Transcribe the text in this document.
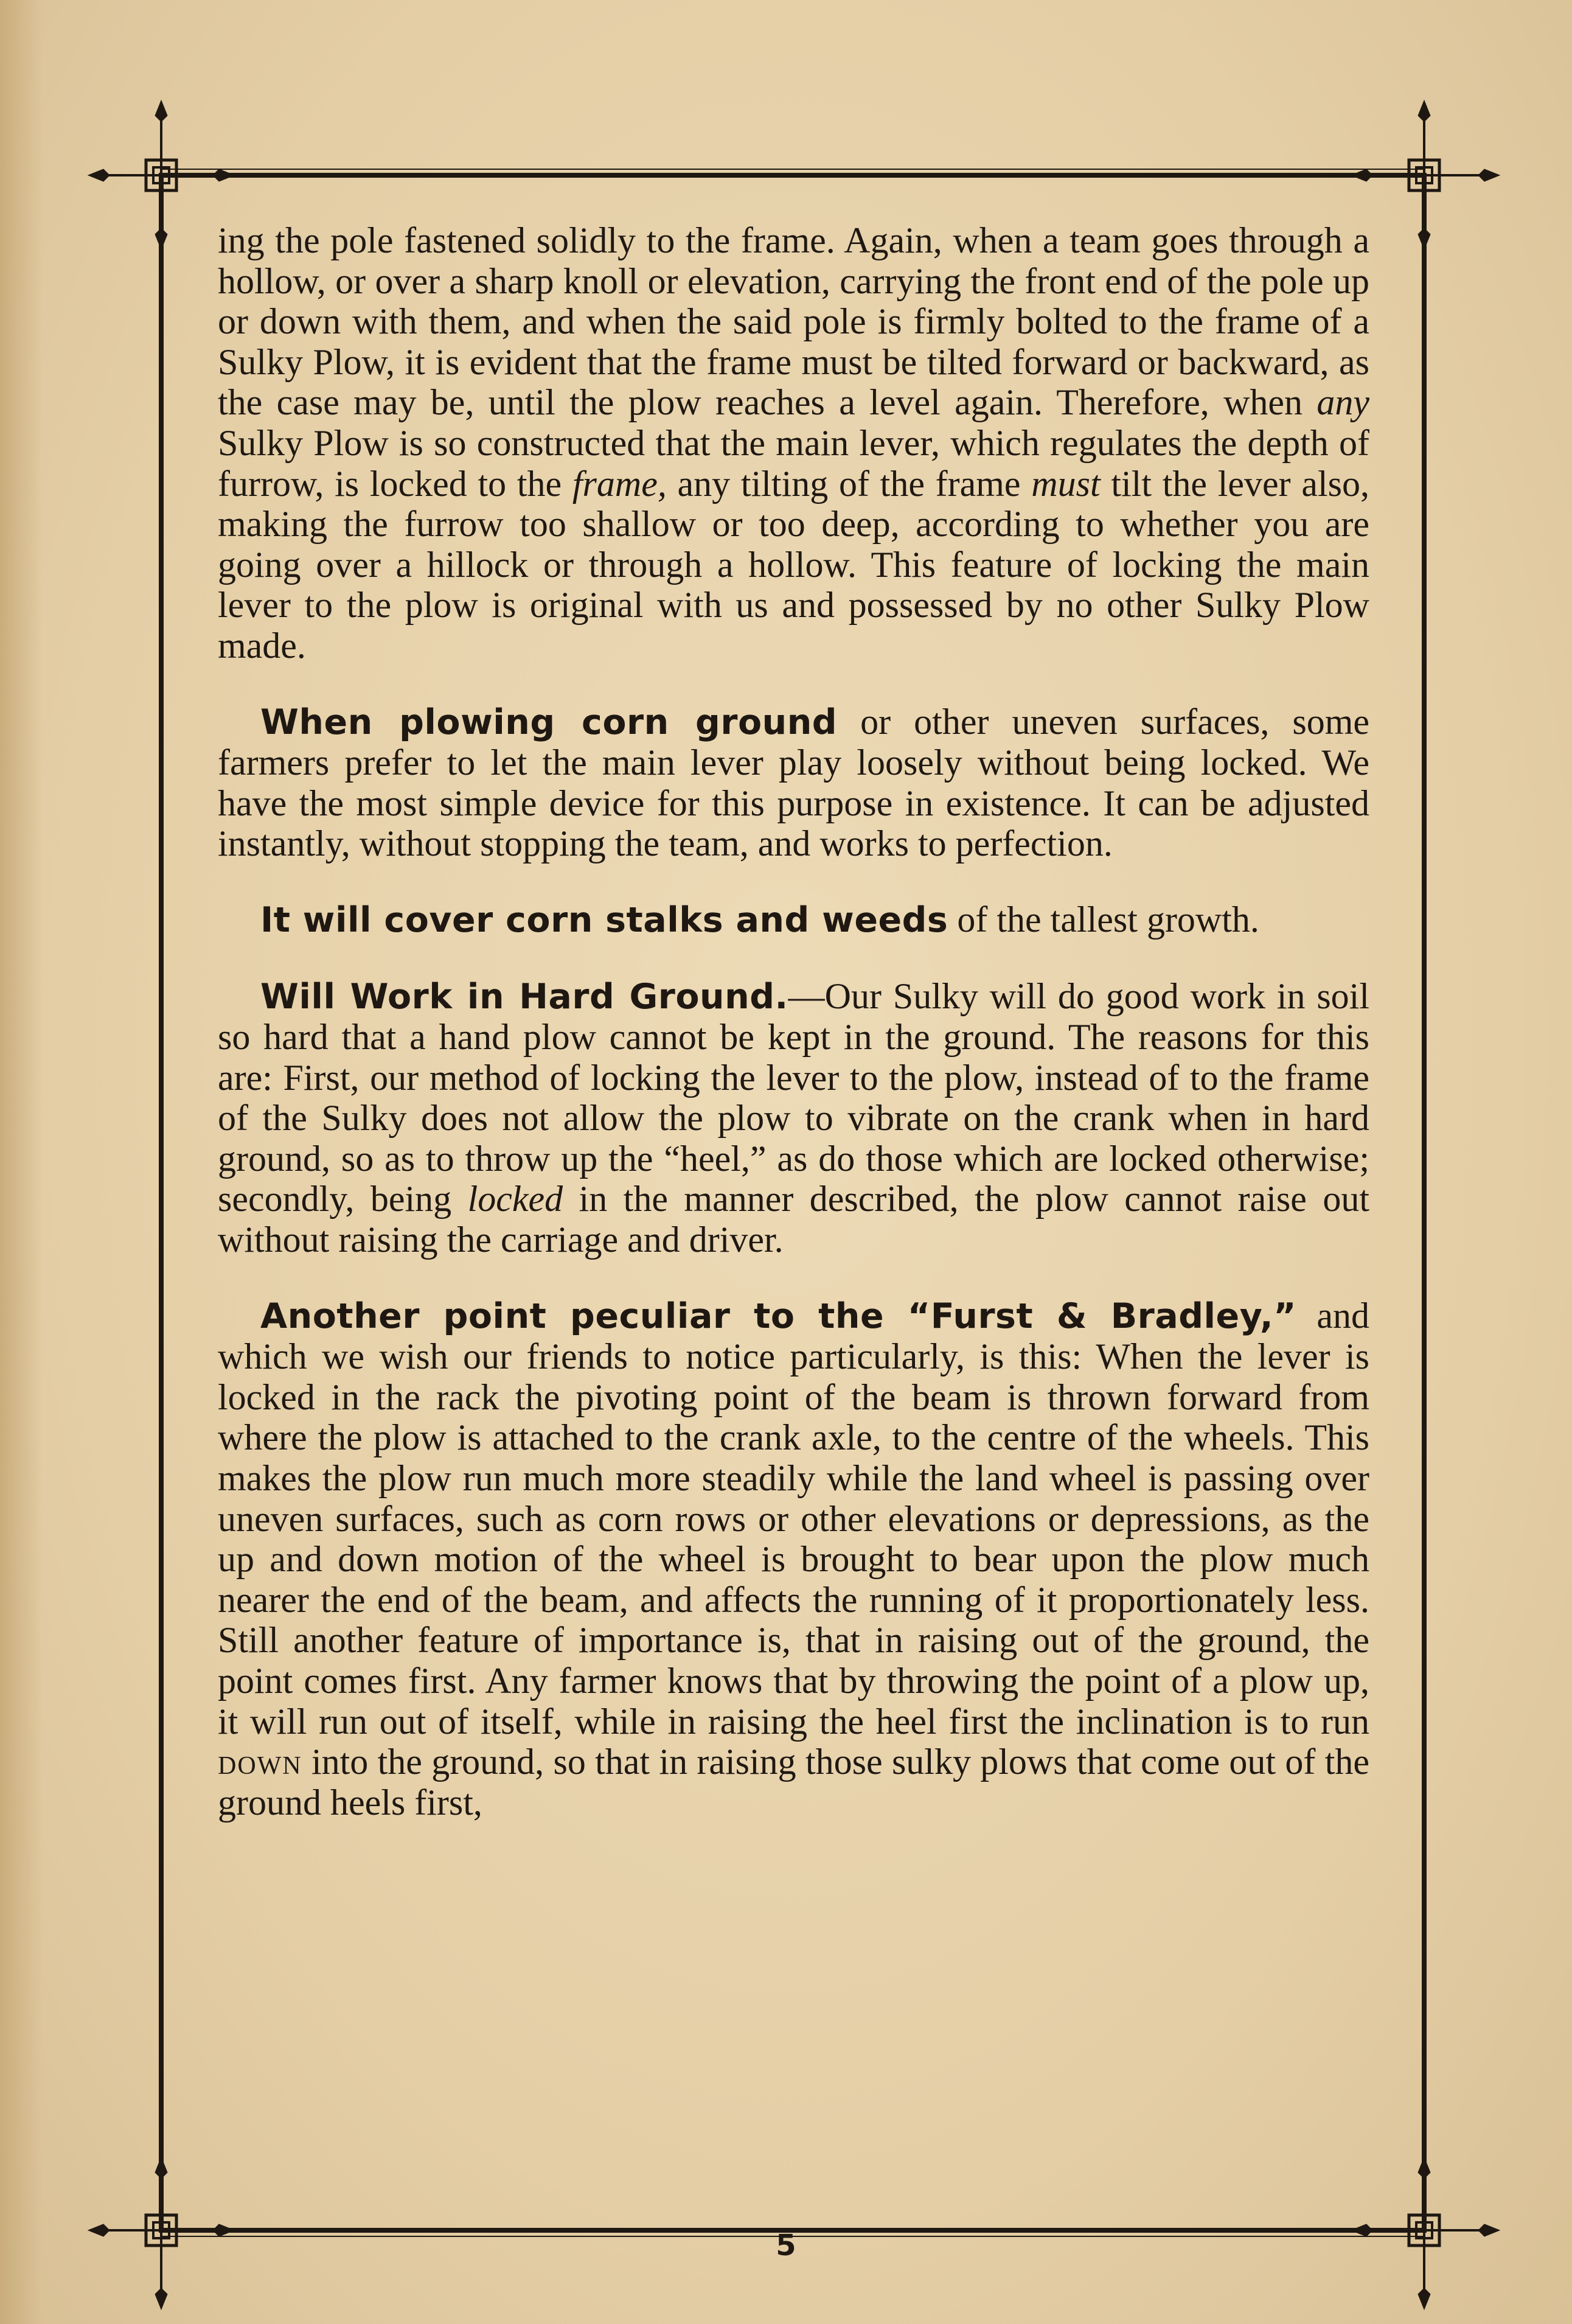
ing the pole fastened solidly to the frame. Again, when a team goes through a hollow, or over a sharp knoll or elevation, carrying the front end of the pole up or down with them, and when the said pole is firmly bolted to the frame of a Sulky Plow, it is evident that the frame must be tilted forward or backward, as the case may be, until the plow reaches a level again. Therefore, when any Sulky Plow is so constructed that the main lever, which regulates the depth of furrow, is locked to the frame, any tilting of the frame must tilt the lever also, making the furrow too shallow or too deep, according to whether you are going over a hillock or through a hollow. This feature of locking the main lever to the plow is original with us and possessed by no other Sulky Plow made.

When plowing corn ground or other uneven surfaces, some farmers prefer to let the main lever play loosely without being locked. We have the most simple device for this purpose in existence. It can be adjusted instantly, without stopping the team, and works to perfection.

It will cover corn stalks and weeds of the tallest growth.

Will Work in Hard Ground.—Our Sulky will do good work in soil so hard that a hand plow cannot be kept in the ground. The reasons for this are: First, our method of locking the lever to the plow, instead of to the frame of the Sulky does not allow the plow to vibrate on the crank when in hard ground, so as to throw up the “heel,” as do those which are locked otherwise; secondly, being locked in the manner described, the plow cannot raise out without raising the carriage and driver.

Another point peculiar to the “Furst & Bradley,” and which we wish our friends to notice particularly, is this: When the lever is locked in the rack the pivoting point of the beam is thrown forward from where the plow is attached to the crank axle, to the centre of the wheels. This makes the plow run much more steadily while the land wheel is passing over uneven surfaces, such as corn rows or other elevations or depressions, as the up and down motion of the wheel is brought to bear upon the plow much nearer the end of the beam, and affects the running of it proportionately less. Still another feature of importance is, that in raising out of the ground, the point comes first. Any farmer knows that by throwing the point of a plow up, it will run out of itself, while in raising the heel first the inclination is to run down into the ground, so that in raising those sulky plows that come out of the ground heels first,

5
